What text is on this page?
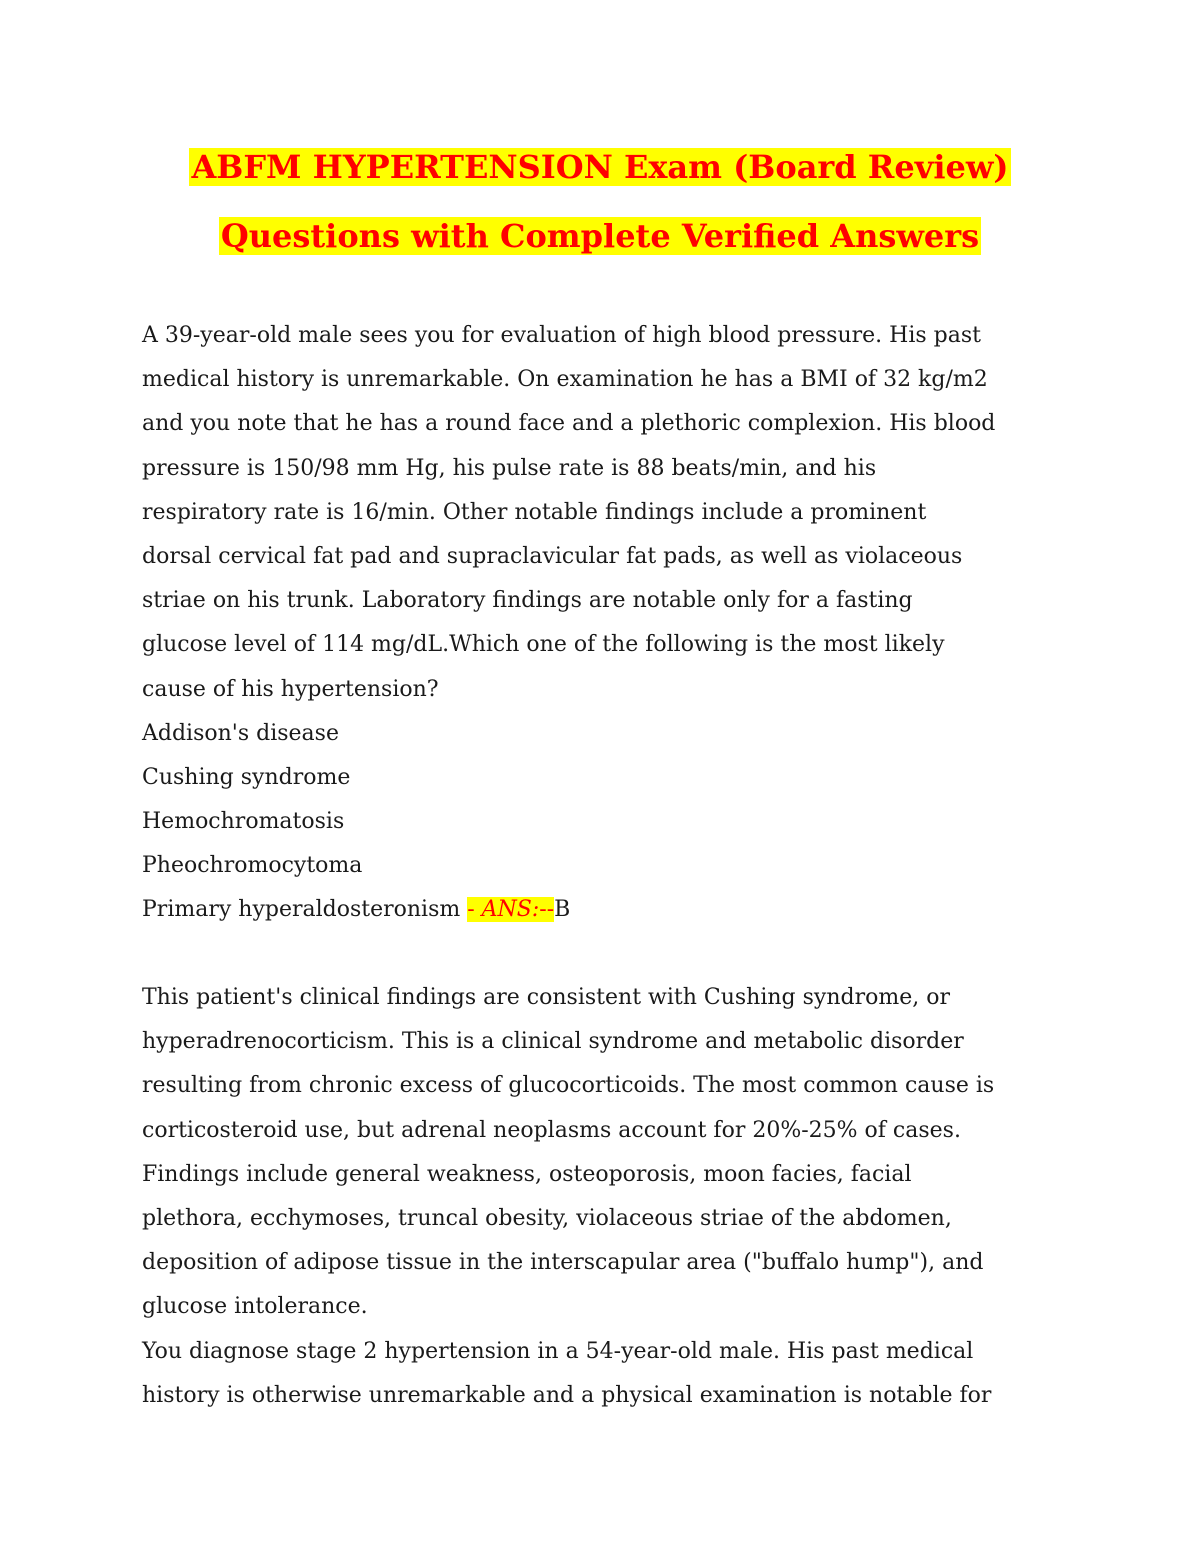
ABFM HYPERTENSION Exam (Board Review)
Questions with Complete Verified Answers
A 39-year-old male sees you for evaluation of high blood pressure. His past
medical history is unremarkable. On examination he has a BMI of 32 kg/m2
and you note that he has a round face and a plethoric complexion. His blood
pressure is 150/98 mm Hg, his pulse rate is 88 beats/min, and his
respiratory rate is 16/min. Other notable findings include a prominent
dorsal cervical fat pad and supraclavicular fat pads, as well as violaceous
striae on his trunk. Laboratory findings are notable only for a fasting
glucose level of 114 mg/dL.Which one of the following is the most likely
cause of his hypertension?
Addison's disease
Cushing syndrome
Hemochromatosis
Pheochromocytoma
Primary hyperaldosteronism - ANS:--B
This patient's clinical findings are consistent with Cushing syndrome, or
hyperadrenocorticism. This is a clinical syndrome and metabolic disorder
resulting from chronic excess of glucocorticoids. The most common cause is
corticosteroid use, but adrenal neoplasms account for 20%-25% of cases.
Findings include general weakness, osteoporosis, moon facies, facial
plethora, ecchymoses, truncal obesity, violaceous striae of the abdomen,
deposition of adipose tissue in the interscapular area ("buffalo hump"), and
glucose intolerance.
You diagnose stage 2 hypertension in a 54-year-old male. His past medical
history is otherwise unremarkable and a physical examination is notable for
